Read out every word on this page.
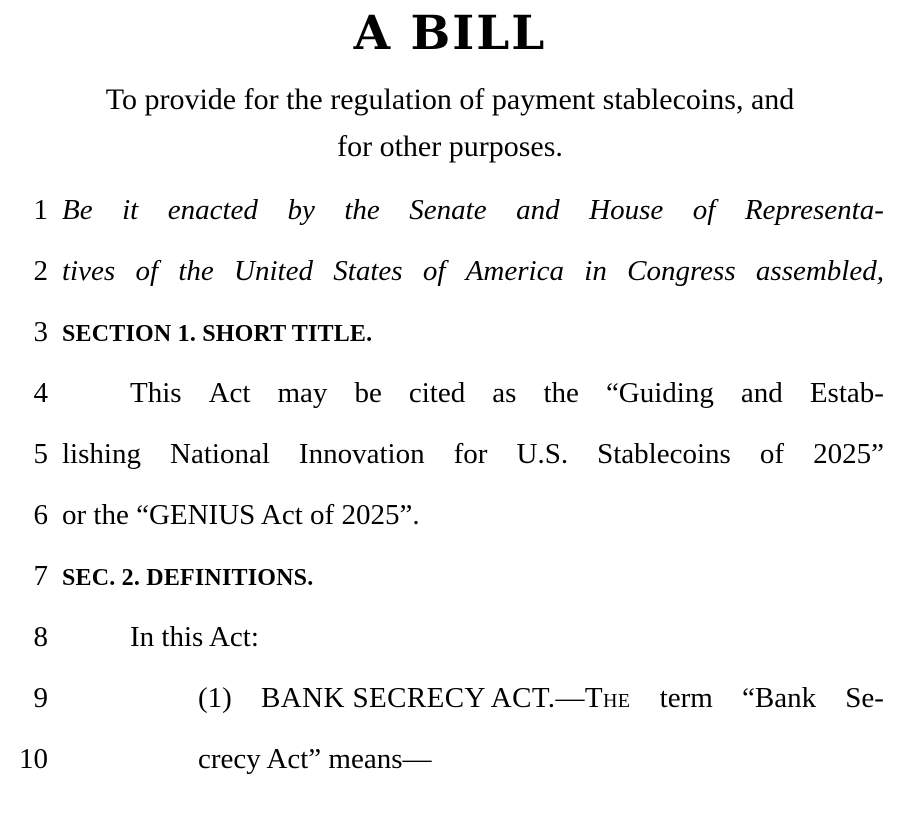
A BILL
To provide for the regulation of payment stablecoins, and
for other purposes.
1 Be it enacted by the Senate and House of Representa-
2 tives of the United States of America in Congress assembled,
3 SECTION 1. SHORT TITLE.
4	This Act may be cited as the “Guiding and Estab-
5 lishing National Innovation for U.S. Stablecoins of 2025”
6 or the “GENIUS Act of 2025”.
7 SEC. 2. DEFINITIONS.
8	In this Act:
9	(1) BANK SECRECY ACT.—The term “Bank Se-
10	crecy Act” means—
